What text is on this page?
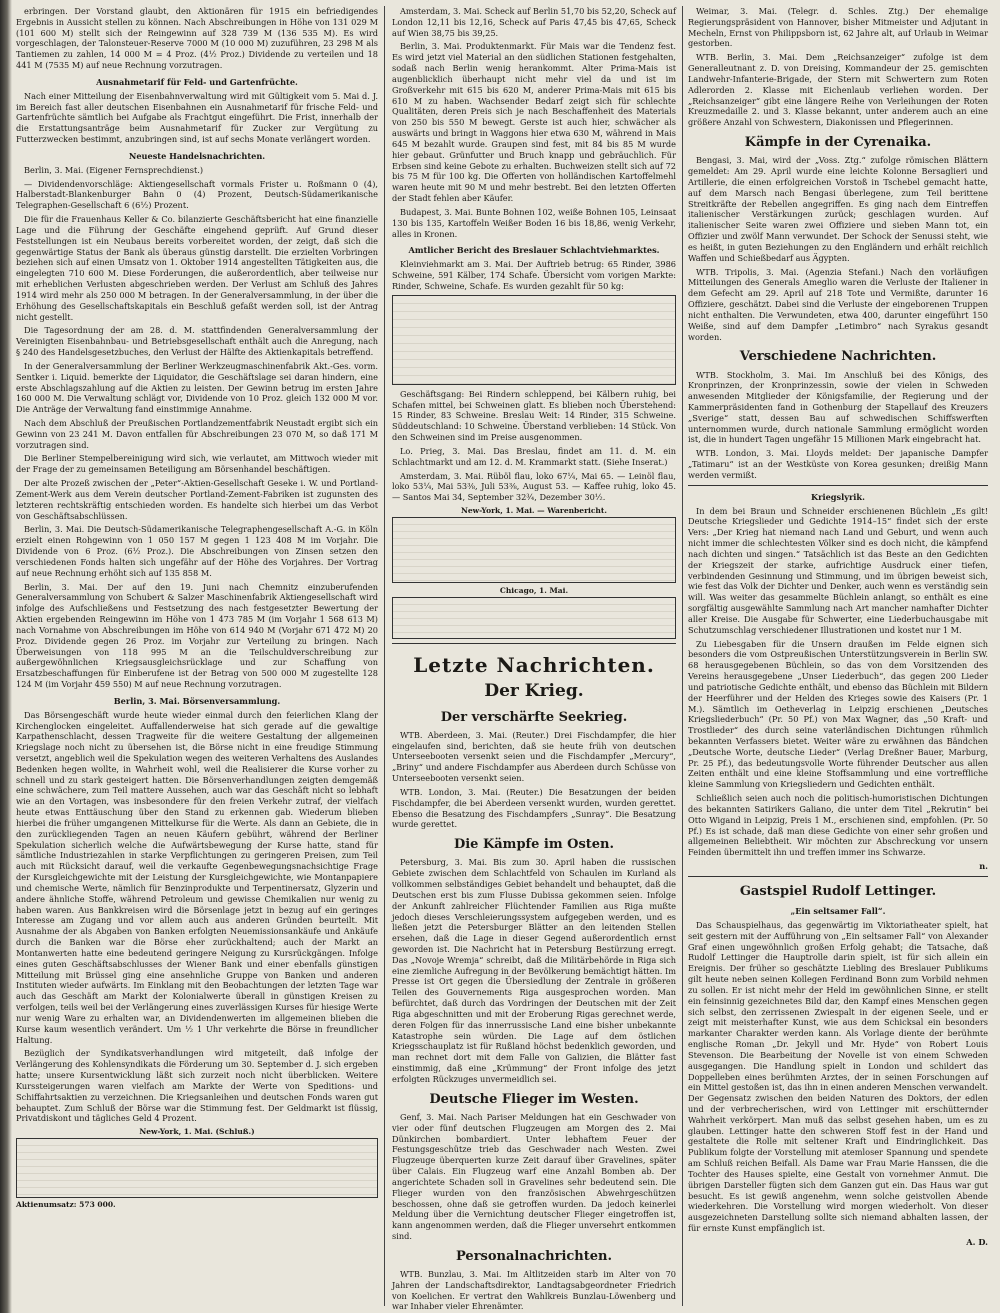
erbringen. Der Vorstand glaubt, den Aktionären für 1915 ein befriedigendes Ergebnis in Aussicht stellen zu können. Nach Abschreibungen in Höhe von 131 029 M (101 600 M) stellt sich der Reingewinn auf 328 739 M (136 535 M). Es wird vorgeschlagen, der Talonsteuer-Reserve 7000 M (10 000 M) zuzuführen, 23 298 M als Tantiemen zu zahlen, 14 000 M = 4 Proz. (4½ Proz.) Dividende zu verteilen und 18 441 M (7535 M) auf neue Rechnung vorzutragen.

Ausnahmetarif für Feld- und Gartenfrüchte.

Nach einer Mitteilung der Eisenbahnverwaltung wird mit Gültigkeit vom 5. Mai d. J. im Bereich fast aller deutschen Eisenbahnen ein Ausnahmetarif für frische Feld- und Gartenfrüchte sämtlich bei Aufgabe als Frachtgut eingeführt. Die Frist, innerhalb der die Erstattungsanträge beim Ausnahmetarif für Zucker zur Vergütung zu Futterzwecken bestimmt, anzubringen sind, ist auf sechs Monate verlängert worden.

Neueste Handelsnachrichten.

Berlin, 3. Mai. (Eigener Fernsprechdienst.)

— Dividendenvorschläge: Aktiengesellschaft vormals Frister u. Roßmann 0 (4), Halberstadt-Blankenburger Bahn 0 (4) Prozent, Deutsch-Südamerikanische Telegraphen-Gesellschaft 6 (6½) Prozent.

Die für die Frauenhaus Keller & Co. bilanzierte Geschäftsbericht hat eine finanzielle Lage und die Führung der Geschäfte eingehend geprüft. Auf Grund dieser Feststellungen ist ein Neubaus bereits vorbereitet worden, der zeigt, daß sich die gegenwärtige Status der Bank als überaus günstig darstellt. Die erzielten Vorbringen beziehen sich auf einen Umsatz von 1. Oktober 1914 angestellten Tätigkeiten aus, die eingelegten 710 600 M. Diese Forderungen, die außerordentlich, aber teilweise nur mit erheblichen Verlusten abgeschrieben werden. Der Verlust am Schluß des Jahres 1914 wird mehr als 250 000 M betragen. In der Generalversammlung, in der über die Erhöhung des Gesellschaftskapitals ein Beschluß gefaßt werden soll, ist der Antrag nicht gestellt.

Die Tagesordnung der am 28. d. M. stattfindenden Generalversammlung der Vereinigten Eisenbahnbau- und Betriebsgesellschaft enthält auch die Anregung, nach § 240 des Handelsgesetzbuches, den Verlust der Hälfte des Aktienkapitals betreffend.

In der Generalversammlung der Berliner Werkzeugmaschinenfabrik Akt.-Ges. vorm. Sentker i. Liquid. bemerkte der Liquidator, die Geschäftslage sei daran hindern, eine erste Abschlagszahlung auf die Aktien zu leisten. Der Gewinn betrug im ersten Jahre 160 000 M. Die Verwaltung schlägt vor, Dividende von 10 Proz. gleich 132 000 M vor. Die Anträge der Verwaltung fand einstimmige Annahme.

Nach dem Abschluß der Preußischen Portlandzementfabrik Neustadt ergibt sich ein Gewinn von 23 241 M. Davon entfallen für Abschreibungen 23 070 M, so daß 171 M vorzutragen sind.

Die Berliner Stempelbereinigung wird sich, wie verlautet, am Mittwoch wieder mit der Frage der zu gemeinsamen Beteiligung am Börsenhandel beschäftigen.

Der alte Prozeß zwischen der „Peter“-Aktien-Gesellschaft Geseke i. W. und Portland-Zement-Werk aus dem Verein deutscher Portland-Zement-Fabriken ist zugunsten des letzteren rechtskräftig entschieden worden. Es handelte sich hierbei um das Verbot von Geschäftsabschlüssen.

Berlin, 3. Mai. Die Deutsch-Südamerikanische Telegraphengesellschaft A.-G. in Köln erzielt einen Rohgewinn von 1 050 157 M gegen 1 123 408 M im Vorjahr. Die Dividende von 6 Proz. (6½ Proz.). Die Abschreibungen von Zinsen setzen den verschiedenen Fonds halten sich ungefähr auf der Höhe des Vorjahres. Der Vortrag auf neue Rechnung erhöht sich auf 135 858 M.

Berlin, 3. Mai. Der auf den 19. Juni nach Chemnitz einzuberufenden Generalversammlung von Schubert & Salzer Maschinenfabrik Aktiengesellschaft wird infolge des Aufschließens und Festsetzung des nach festgesetzter Bewertung der Aktien ergebenden Reingewinn im Höhe von 1 473 785 M (im Vorjahr 1 568 613 M) nach Vornahme von Abschreibungen im Höhe von 614 940 M (Vorjahr 671 472 M) 20 Proz. Dividende gegen 26 Proz. im Vorjahr zur Verteilung zu bringen. Nach Überweisungen von 118 995 M an die Teilschuldverschreibung zur außergewöhnlichen Kriegsausgleichsrücklage und zur Schaffung von Ersatzbeschaffungen für Einberufene ist der Betrag von 500 000 M zugestellte 128 124 M (im Vorjahr 459 550) M auf neue Rechnung vorzutragen.

Berlin, 3. Mai. Börsenversammlung.

Das Börsengeschäft wurde heute wieder einmal durch den feierlichen Klang der Kirchenglocken eingeleitet. Auffallenderweise hat sich gerade auf die gewaltige Karpathenschlacht, dessen Tragweite für die weitere Gestaltung der allgemeinen Kriegslage noch nicht zu übersehen ist, die Börse nicht in eine freudige Stimmung versetzt, angeblich weil die Spekulation wegen des weiteren Verhaltens des Auslandes Bedenken hegen wollte, in Wahrheit wohl, weil die Realisierer die Kurse vorher zu schnell und zu stark gesteigert hatten. Die Börsenverhandlungen zeigten demgemäß eine schwächere, zum Teil mattere Aussehen, auch war das Geschäft nicht so lebhaft wie an den Vortagen, was insbesondere für den freien Verkehr zutraf, der vielfach heute etwas Enttäuschung über den Stand zu erkennen gab. Wiederum blieben hierbei die früher umgangenen Mittelkurse für die Werte. Als dann an Gebiete, die in den zurückliegenden Tagen an neuen Käufern gebührt, während der Berliner Spekulation sicherlich welche die Aufwärtsbewegung der Kurse hatte, stand für sämtliche Industriezahlen in starke Verpflichtungen zu geringeren Preisen, zum Teil auch mit Rücksicht darauf, weil die verkaufte Gegenbewegungsnachsichtige Frage der Kursgleichgewichte mit der Leistung der Kursgleichgewichte, wie Montanpapiere und chemische Werte, nämlich für Benzinprodukte und Terpentinersatz, Glyzerin und andere ähnliche Stoffe, während Petroleum und gewisse Chemikalien nur wenig zu haben waren. Aus Bankkreisen wird die Börsenlage jetzt in bezug auf ein geringes Interesse am Zugang und vor allem auch aus anderen Gründen beurteilt. Mit Ausnahme der als Abgaben von Banken erfolgten Neuemissionsankäufe und Ankäufe durch die Banken war die Börse eher zurückhaltend; auch der Markt an Montanwerten hatte eine bedeutend geringere Neigung zu Kursrückgängen. Infolge eines guten Geschäftsabschlusses der Wiener Bank und einer ebenfalls günstigen Mitteilung mit Brüssel ging eine ansehnliche Gruppe von Banken und anderen Instituten wieder aufwärts. Im Einklang mit den Beobachtungen der letzten Tage war auch das Geschäft am Markt der Kolonialwerte überall in günstigen Kreisen zu verfolgen, teils weil bei der Verlängerung eines zuverlässigen Kurses für hiesige Werte nur wenig Ware zu erhalten war, an Dividendenwerten im allgemeinen blieben die Kurse kaum wesentlich verändert. Um ½ 1 Uhr verkehrte die Börse in freundlicher Haltung.

Bezüglich der Syndikatsverhandlungen wird mitgeteilt, daß infolge der Verlängerung des Kohlensyndikats die Förderung um 30. September d. J. sich ergeben hatte; unsere Kursentwicklung läßt sich zurzeit noch nicht überblicken. Weitere Kurssteigerungen waren vielfach am Markte der Werte von Speditions- und Schiffahrtsaktien zu verzeichnen. Die Kriegsanleihen und deutschen Fonds waren gut behauptet. Zum Schluß der Börse war die Stimmung fest. Der Geldmarkt ist flüssig, Privatdiskont und tägliches Geld 4 Prozent.

New-York, 1. Mai. (Schluß.)
Aktienumsatz: 573 000.

Amsterdam, 3. Mai. Scheck auf Berlin 51,70 bis 52,20, Scheck auf London 12,11 bis 12,16, Scheck auf Paris 47,45 bis 47,65, Scheck auf Wien 38,75 bis 39,25.

Berlin, 3. Mai. Produktenmarkt. Für Mais war die Tendenz fest. Es wird jetzt viel Material an den südlichen Stationen festgehalten, sodaß nach Berlin wenig herankommt. Alter Prima-Mais ist augenblicklich überhaupt nicht mehr viel da und ist im Großverkehr mit 615 bis 620 M, anderer Prima-Mais mit 615 bis 610 M zu haben. Wachsender Bedarf zeigt sich für schlechte Qualitäten, deren Preis sich je nach Beschaffenheit des Materials von 250 bis 550 M bewegt. Gerste ist auch hier, schwächer als auswärts und bringt in Waggons hier etwa 630 M, während in Mais 645 M bezahlt wurde. Graupen sind fest, mit 84 bis 85 M wurde hier gebaut. Grünfutter und Bruch knapp und gebräuchlich. Für Erbsen sind keine Gebote zu erhalten. Buchweizen stellt sich auf 72 bis 75 M für 100 kg. Die Offerten von holländischen Kartoffelmehl waren heute mit 90 M und mehr bestrebt. Bei den letzten Offerten der Stadt fehlen aber Käufer.

Budapest, 3. Mai. Bunte Bohnen 102, weiße Bohnen 105, Leinsaat 130 bis 135, Kartoffeln Weißer Boden 16 bis 18,86, wenig Verkehr, alles in Kronen.

Amtlicher Bericht des Breslauer Schlachtviehmarktes.

Kleinviehmarkt am 3. Mai. Der Auftrieb betrug: 65 Rinder, 3986 Schweine, 591 Kälber, 174 Schafe. Übersicht vom vorigen Markte: Rinder, Schweine, Schafe. Es wurden gezahlt für 50 kg:

Geschäftsgang: Bei Rindern schleppend, bei Kälbern ruhig, bei Schafen mittel, bei Schweinen glatt. Es blieben noch Überstehend: 15 Rinder, 83 Schweine. Breslau Weit: 14 Rinder, 315 Schweine. Süddeutschland: 10 Schweine. Überstand verblieben: 14 Stück. Von den Schweinen sind im Preise ausgenommen.

Lo. Prieg, 3. Mai. Das Breslau, findet am 11. d. M. ein Schlachtmarkt und am 12. d. M. Krammarkt statt. (Siehe Inserat.)

Amsterdam, 3. Mai. Rüböl flau, loko 67¼, Mai 65. — Leinöl flau, loko 53¼, Mai 53⅜, Juli 53⅜, August 53. — Kaffee ruhig, loko 45. — Santos Mai 34, September 32¾, Dezember 30½.

New-York, 1. Mai. — Warenbericht.
Chicago, 1. Mai.
Letzte Nachrichten.
Der Krieg.
Der verschärfte Seekrieg.

WTB. Aberdeen, 3. Mai. (Reuter.) Drei Fischdampfer, die hier eingelaufen sind, berichten, daß sie heute früh von deutschen Unterseebooten versenkt seien und die Fischdampfer „Mercury“, „Briny“ und andere Fischdampfer aus Aberdeen durch Schüsse von Unterseebooten versenkt seien.

WTB. London, 3. Mai. (Reuter.) Die Besatzungen der beiden Fischdampfer, die bei Aberdeen versenkt wurden, wurden gerettet. Ebenso die Besatzung des Fischdampfers „Sunray“. Die Besatzung wurde gerettet.

Die Kämpfe im Osten.

Petersburg, 3. Mai. Bis zum 30. April haben die russischen Gebiete zwischen dem Schlachtfeld von Schaulen im Kurland als vollkommen selbständiges Gebiet behandelt und behauptet, daß die Deutschen erst bis zum Flusse Dubissa gekommen seien. Infolge der Ankunft zahlreicher Flüchtender Familien aus Riga mußte jedoch dieses Verschleierungssystem aufgegeben werden, und es ließen jetzt die Petersburger Blätter an den leitenden Stellen ersehen, daß die Lage in dieser Gegend außerordentlich ernst geworden ist. Die Nachricht hat in Petersburg Bestürzung erregt. Das „Novoje Wremja“ schreibt, daß die Militärbehörde in Riga sich eine ziemliche Aufregung in der Bevölkerung bemächtigt hätten. Im Presse ist Ort gegen die Übersiedlung der Zentrale in größeren Teilen des Gouvernements Riga ausgesprochen worden. Man befürchtet, daß durch das Vordringen der Deutschen mit der Zeit Riga abgeschnitten und mit der Eroberung Rigas gerechnet werde, deren Folgen für das innerrussische Land eine bisher unbekannte Katastrophe sein würden. Die Lage auf dem östlichen Kriegsschauplatz ist für Rußland höchst bedenklich geworden, und man rechnet dort mit dem Falle von Galizien, die Blätter fast einstimmig, daß eine „Krümmung“ der Front infolge des jetzt erfolgten Rückzuges unvermeidlich sei.

Deutsche Flieger im Westen.

Genf, 3. Mai. Nach Pariser Meldungen hat ein Geschwader von vier oder fünf deutschen Flugzeugen am Morgen des 2. Mai Dünkirchen bombardiert. Unter lebhaftem Feuer der Festungsgeschütze trieb das Geschwader nach Westen. Zwei Flugzeuge überquerten kurze Zeit darauf über Gravelines, später über Calais. Ein Flugzeug warf eine Anzahl Bomben ab. Der angerichtete Schaden soll in Gravelines sehr bedeutend sein. Die Flieger wurden von den französischen Abwehrgeschützen beschossen, ohne daß sie getroffen wurden. Da jedoch keinerlei Meldung über die Vernichtung deutscher Flieger eingetroffen ist, kann angenommen werden, daß die Flieger unversehrt entkommen sind.

Personalnachrichten.

WTB. Bunzlau, 3. Mai. Im Altlitzeiden starb im Alter von 70 Jahren der Landschaftsdirektor, Landtagsabgeordneter Friedrich von Koelichen. Er vertrat den Wahlkreis Bunzlau-Löwenberg und war Inhaber vieler Ehrenämter.

Weimar, 3. Mai. (Telegr. d. Schles. Ztg.) Der ehemalige Regierungspräsident von Hannover, bisher Mitmeister und Adjutant in Mecheln, Ernst von Philippsborn ist, 62 Jahre alt, auf Urlaub in Weimar gestorben.

WTB. Berlin, 3. Mai. Dem „Reichsanzeiger“ zufolge ist dem Generalleutnant z. D. von Dreising, Kommandeur der 25. gemischten Landwehr-Infanterie-Brigade, der Stern mit Schwertern zum Roten Adlerorden 2. Klasse mit Eichenlaub verliehen worden. Der „Reichsanzeiger“ gibt eine längere Reihe von Verleihungen der Roten Kreuzmedaille 2. und 3. Klasse bekannt, unter anderem auch an eine größere Anzahl von Schwestern, Diakonissen und Pflegerinnen.

Kämpfe in der Cyrenaika.

Bengasi, 3. Mai, wird der „Voss. Ztg.“ zufolge römischen Blättern gemeldet: Am 29. April wurde eine leichte Kolonne Bersaglieri und Artillerie, die einen erfolgreichen Vorstoß in Tschebel gemacht hatte, auf dem Marsch nach Bengasi überlegene, zum Teil berittene Streitkräfte der Rebellen angegriffen. Es ging nach dem Eintreffen italienischer Verstärkungen zurück; geschlagen wurden. Auf italienischer Seite waren zwei Offiziere und sieben Mann tot, ein Offizier und zwölf Mann verwundet. Der Schock der Senussi steht, wie es heißt, in guten Beziehungen zu den Engländern und erhält reichlich Waffen und Schießbedarf aus Ägypten.

WTB. Tripolis, 3. Mai. (Agenzia Stefani.) Nach den vorläufigen Mitteilungen des Generals Ameglio waren die Verluste der Italiener in dem Gefecht am 29. April auf 218 Tote und Vermißte, darunter 16 Offiziere, geschätzt. Dabei sind die Verluste der eingeborenen Truppen nicht enthalten. Die Verwundeten, etwa 400, darunter eingeführt 150 Weiße, sind auf dem Dampfer „Letimbro“ nach Syrakus gesandt worden.

Verschiedene Nachrichten.

WTB. Stockholm, 3. Mai. Im Anschluß bei des Königs, des Kronprinzen, der Kronprinzessin, sowie der vielen in Schweden anwesenden Mitglieder der Königsfamilie, der Regierung und der Kammerpräsidenten fand in Gothenburg der Stapellauf des Kreuzers „Sverige“ statt, dessen Bau auf schwedischen Schiffswerften unternommen wurde, durch nationale Sammlung ermöglicht worden ist, die in hundert Tagen ungefähr 15 Millionen Mark eingebracht hat.

WTB. London, 3. Mai. Lloyds meldet: Der japanische Dampfer „Tatimaru“ ist an der Westküste von Korea gesunken; dreißig Mann werden vermißt.

Kriegslyrik.

In dem bei Braun und Schneider erschienenen Büchlein „Es gilt! Deutsche Kriegslieder und Gedichte 1914–15“ findet sich der erste Vers: „Der Krieg hat niemand nach Land und Geburt, und wenn auch nicht immer die schlechtesten Völker sind es doch nicht, die kämpfend nach dichten und singen.“ Tatsächlich ist das Beste an den Gedichten der Kriegszeit der starke, aufrichtige Ausdruck einer tiefen, verbindenden Gesinnung und Stimmung, und im übrigen beweist sich, wie fest das Volk der Dichter und Denker, auch wenn es verständig sein will. Was weiter das gesammelte Büchlein anlangt, so enthält es eine sorgfältig ausgewählte Sammlung nach Art mancher namhafter Dichter aller Kreise. Die Ausgabe für Schwerter, eine Liederbuchausgabe mit Schutzumschlag verschiedener Illustrationen und kostet nur 1 M.

Zu Liebesgaben für die Unsern draußen im Felde eignen sich besonders die vom Ostpreußischen Unterstützungsverein in Berlin SW. 68 herausgegebenen Büchlein, so das von dem Vorsitzenden des Vereins herausgegebene „Unser Liederbuch“, das gegen 200 Lieder und patriotische Gedichte enthält, und ebenso das Büchlein mit Bildern der Heerführer und der Helden des Krieges sowie des Kaisers (Pr. 1 M.). Sämtlich im Oetheverlag in Leipzig erschienen „Deutsches Kriegsliederbuch“ (Pr. 50 Pf.) von Max Wagner, das „50 Kraft- und Trostlieder“ des durch seine vaterländischen Dichtungen rühmlich bekannten Verfassers bietet. Weiter wäre zu erwähnen das Bändchen „Deutsche Worte, deutsche Lieder“ (Verlag Dreßner Bauer, Marburg, Pr. 25 Pf.), das bedeutungsvolle Worte führender Deutscher aus allen Zeiten enthält und eine kleine Stoffsammlung und eine vortreffliche kleine Sammlung von Kriegsliedern und Gedichten enthält.

Schließlich seien auch noch die politisch-humoristischen Dichtungen des bekannten Satirikers Galiano, die unter dem Titel „Rekrutin“ bei Otto Wigand in Leipzig, Preis 1 M., erschienen sind, empfohlen. (Pr. 50 Pf.) Es ist schade, daß man diese Gedichte von einer sehr großen und allgemeinen Beliebtheit. Wir möchten zur Abschreckung vor unsern Feinden übermittelt ihn und treffen immer ins Schwarze.

n.
Gastspiel Rudolf Lettinger.
„Ein seltsamer Fall“.

Das Schauspielhaus, das gegenwärtig im Viktoriatheater spielt, hat seit gestern mit der Aufführung von „Ein seltsamer Fall“ von Alexander Graf einen ungewöhnlich großen Erfolg gehabt; die Tatsache, daß Rudolf Lettinger die Hauptrolle darin spielt, ist für sich allein ein Ereignis. Der früher so geschätzte Liebling des Breslauer Publikums gilt heute neben seinen Kollegen Ferdinand Bonn zum Vorbild nehmen zu sollen. Er ist nicht mehr der Held im gewöhnlichen Sinne, er stellt ein feinsinnig gezeichnetes Bild dar, den Kampf eines Menschen gegen sich selbst, den zerrissenen Zwiespalt in der eigenen Seele, und er zeigt mit meisterhafter Kunst, wie aus dem Schicksal ein besonders markanter Charakter werden kann. Als Vorlage diente der berühmte englische Roman „Dr. Jekyll und Mr. Hyde“ von Robert Louis Stevenson. Die Bearbeitung der Novelle ist von einem Schweden ausgegangen. Die Handlung spielt in London und schildert das Doppelleben eines berühmten Arztes, der in seinen Forschungen auf ein Mittel gestoßen ist, das ihn in einen anderen Menschen verwandelt. Der Gegensatz zwischen den beiden Naturen des Doktors, der edlen und der verbrecherischen, wird von Lettinger mit erschütternder Wahrheit verkörpert. Man muß das selbst gesehen haben, um es zu glauben. Lettinger hatte den schweren Stoff fest in der Hand und gestaltete die Rolle mit seltener Kraft und Eindringlichkeit. Das Publikum folgte der Vorstellung mit atemloser Spannung und spendete am Schluß reichen Beifall. Als Dame war Frau Marie Hanssen, die die Tochter des Hauses spielte, eine Gestalt von vornehmer Anmut. Die übrigen Darsteller fügten sich dem Ganzen gut ein. Das Haus war gut besucht. Es ist gewiß angenehm, wenn solche geistvollen Abende wiederkehren. Die Vorstellung wird morgen wiederholt. Von dieser ausgezeichneten Darstellung sollte sich niemand abhalten lassen, der für ernste Kunst empfänglich ist.

A. D.
